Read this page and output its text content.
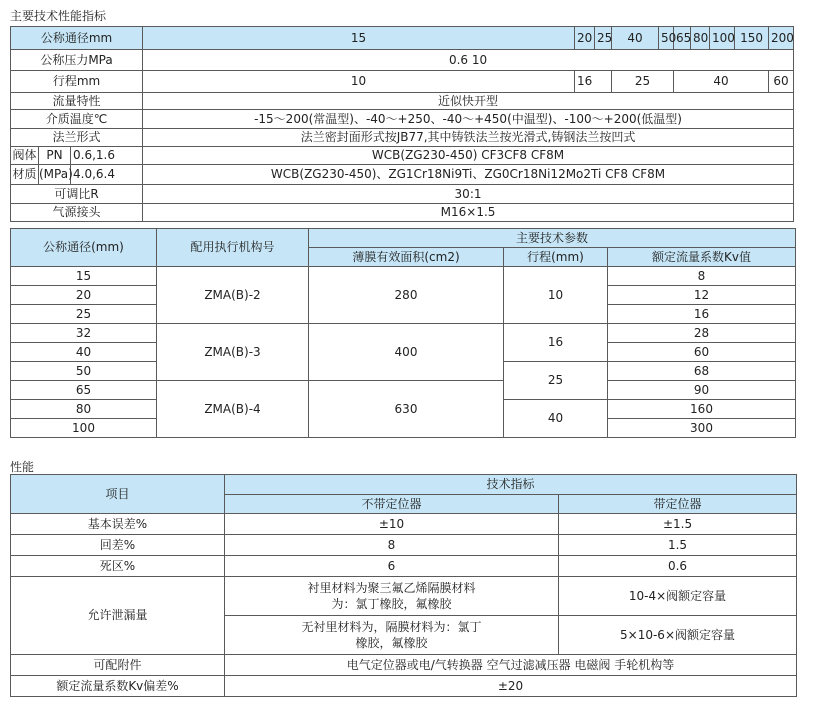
主要技术性能指标
公称通径mm			15	20	25	40	50	65	80	100	150	200
公称压力MPa			0.6 10									
行程mm			10	16		25		40				60
流量特性			近似快开型									
介质温度℃			-15～200(常温型)、-40～+250、-40～+450(中温型)、-100～+200(低温型)									
法兰形式			法兰密封面形式按JB77,其中铸铁法兰按光滑式,铸钢法兰按凹式									
阀体	PN	0.6,1.6	WCB(ZG230-450) CF3CF8 CF8M									
材质	(MPa)	4.0,6.4	WCB(ZG230-450)、ZG1Cr18Ni9Ti、ZG0Cr18Ni12Mo2Ti CF8 CF8M									
可调比R			30:1									
气源接头			M16×1.5									
公称通径(mm)	配用执行机构号	主要技术参数		
		薄膜有效面积(cm2)	行程(mm)	额定流量系数Kv值
15	ZMA(B)-2	280	10	8
20				12
25				16
32	ZMA(B)-3	400	16	28
40				60
50			25	68
65	ZMA(B)-4	630		90
80			40	160
100				300
性能
项目	技术指标	
	不带定位器	带定位器
基本误差%	±10	±1.5
回差%	8	1.5
死区%	6	0.6
允许泄漏量	衬里材料为聚三氟乙烯隔膜材料为：氯丁橡胶，氟橡胶	10-4×阀额定容量
	无衬里材料为，隔膜材料为：氯丁橡胶，氟橡胶	5×10-6×阀额定容量
可配附件	电气定位器或电/气转换器 空气过滤减压器 电磁阀 手轮机构等	
额定流量系数Kv偏差%	±20	
